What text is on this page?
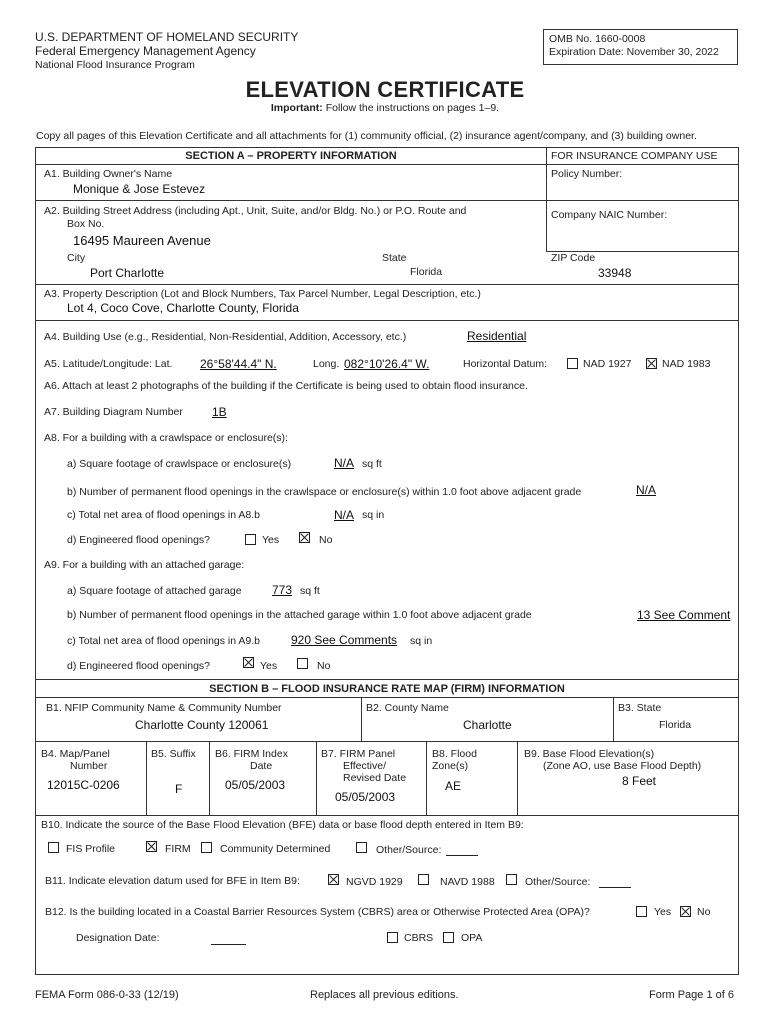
U.S. DEPARTMENT OF HOMELAND SECURITY
Federal Emergency Management Agency
National Flood Insurance Program
OMB No. 1660-0008
Expiration Date: November 30, 2022
ELEVATION CERTIFICATE
Important: Follow the instructions on pages 1–9.
Copy all pages of this Elevation Certificate and all attachments for (1) community official, (2) insurance agent/company, and (3) building owner.
SECTION A – PROPERTY INFORMATION	FOR INSURANCE COMPANY USE
A1. Building Owner's Name
Monique & Jose Estevez
Policy Number:
A2. Building Street Address (including Apt., Unit, Suite, and/or Bldg. No.) or P.O. Route and
Box No.
16495 Maureen Avenue
Company NAIC Number:
City
Port Charlotte
State
Florida
ZIP Code
33948
A3. Property Description (Lot and Block Numbers, Tax Parcel Number, Legal Description, etc.)
Lot 4, Coco Cove, Charlotte County, Florida
A4. Building Use (e.g., Residential, Non-Residential, Addition, Accessory, etc.)	Residential
A5. Latitude/Longitude: Lat. 26°58'44.4" N.	Long. 082°10'26.4" W.	Horizontal Datum:	NAD 1927	NAD 1983
A6. Attach at least 2 photographs of the building if the Certificate is being used to obtain flood insurance.
A7. Building Diagram Number 1B
A8. For a building with a crawlspace or enclosure(s):
a) Square footage of crawlspace or enclosure(s)	N/A sq ft
b) Number of permanent flood openings in the crawlspace or enclosure(s) within 1.0 foot above adjacent grade	N/A
c) Total net area of flood openings in A8.b	N/A sq in
d) Engineered flood openings?	Yes	No
A9. For a building with an attached garage:
a) Square footage of attached garage	773 sq ft
b) Number of permanent flood openings in the attached garage within 1.0 foot above adjacent grade	13 See Comment
c) Total net area of flood openings in A9.b	920 See Comments sq in
d) Engineered flood openings?	Yes	No
SECTION B – FLOOD INSURANCE RATE MAP (FIRM) INFORMATION
B1. NFIP Community Name & Community Number
Charlotte County 120061
B2. County Name
Charlotte
B3. State
Florida
B4. Map/Panel
Number
12015C-0206
B5. Suffix
F
B6. FIRM Index
Date
05/05/2003
B7. FIRM Panel
Effective/
Revised Date
05/05/2003
B8. Flood
Zone(s)
AE
B9. Base Flood Elevation(s)
(Zone AO, use Base Flood Depth)
8 Feet
B10. Indicate the source of the Base Flood Elevation (BFE) data or base flood depth entered in Item B9:
FIS Profile	FIRM	Community Determined	Other/Source:
B11. Indicate elevation datum used for BFE in Item B9:	NGVD 1929	NAVD 1988	Other/Source:
B12. Is the building located in a Coastal Barrier Resources System (CBRS) area or Otherwise Protected Area (OPA)?	Yes No
Designation Date:	CBRS	OPA
FEMA Form 086-0-33 (12/19)	Replaces all previous editions.	Form Page 1 of 6
